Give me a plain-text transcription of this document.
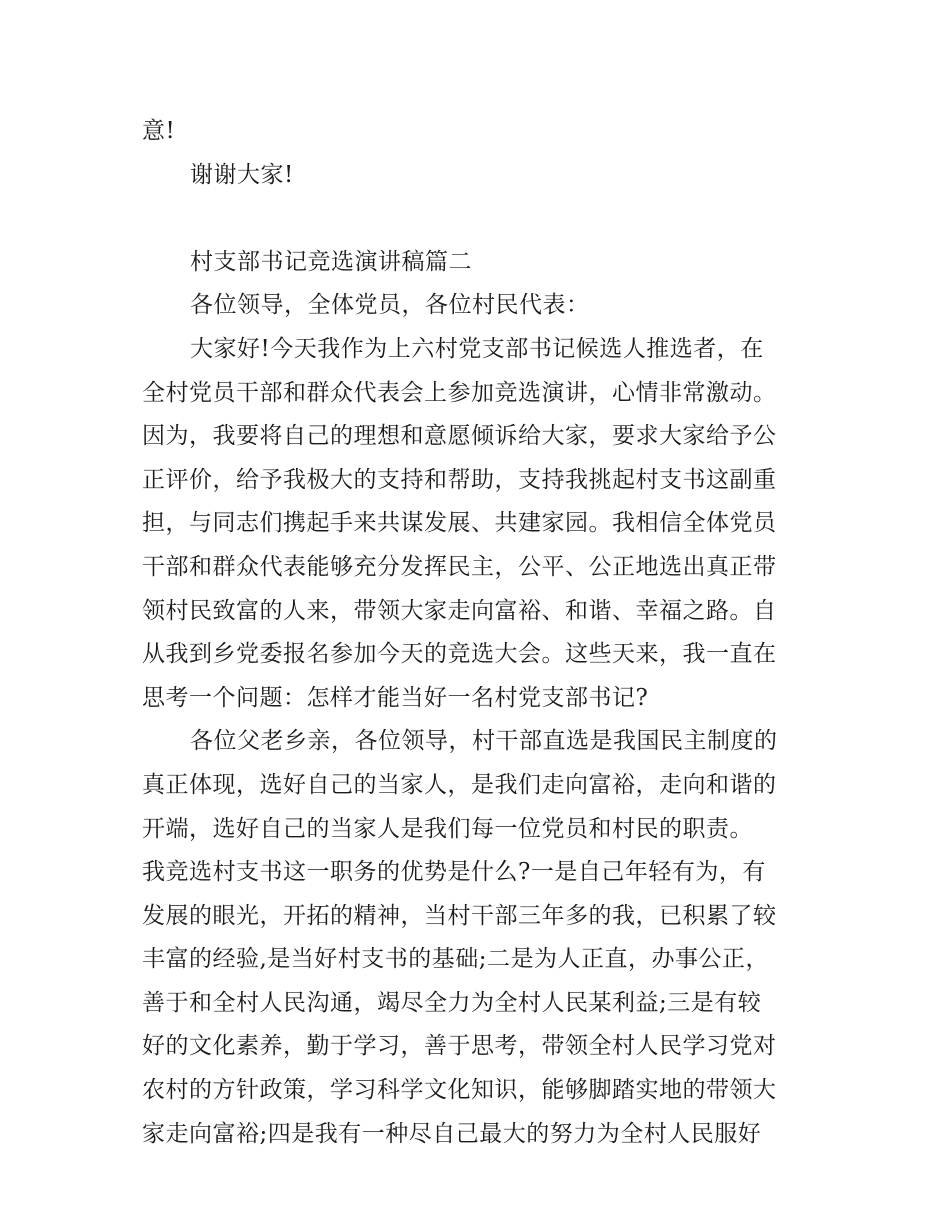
意!
谢谢大家!
村支部书记竞选演讲稿篇二
各位领导，全体党员，各位村民代表：
大家好!今天我作为上六村党支部书记候选人推选者，在
全村党员干部和群众代表会上参加竞选演讲，心情非常激动。
因为，我要将自己的理想和意愿倾诉给大家，要求大家给予公
正评价，给予我极大的支持和帮助，支持我挑起村支书这副重
担，与同志们携起手来共谋发展、共建家园。我相信全体党员
干部和群众代表能够充分发挥民主，公平、公正地选出真正带
领村民致富的人来，带领大家走向富裕、和谐、幸福之路。自
从我到乡党委报名参加今天的竞选大会。这些天来，我一直在
思考一个问题：怎样才能当好一名村党支部书记?
各位父老乡亲，各位领导，村干部直选是我国民主制度的
真正体现，选好自己的当家人，是我们走向富裕，走向和谐的
开端，选好自己的当家人是我们每一位党员和村民的职责。
我竞选村支书这一职务的优势是什么?一是自己年轻有为，有
发展的眼光，开拓的精神，当村干部三年多的我，已积累了较
丰富的经验,是当好村支书的基础;二是为人正直，办事公正，
善于和全村人民沟通，竭尽全力为全村人民某利益;三是有较
好的文化素养，勤于学习，善于思考，带领全村人民学习党对
农村的方针政策，学习科学文化知识，能够脚踏实地的带领大
家走向富裕;四是我有一种尽自己最大的努力为全村人民服好
